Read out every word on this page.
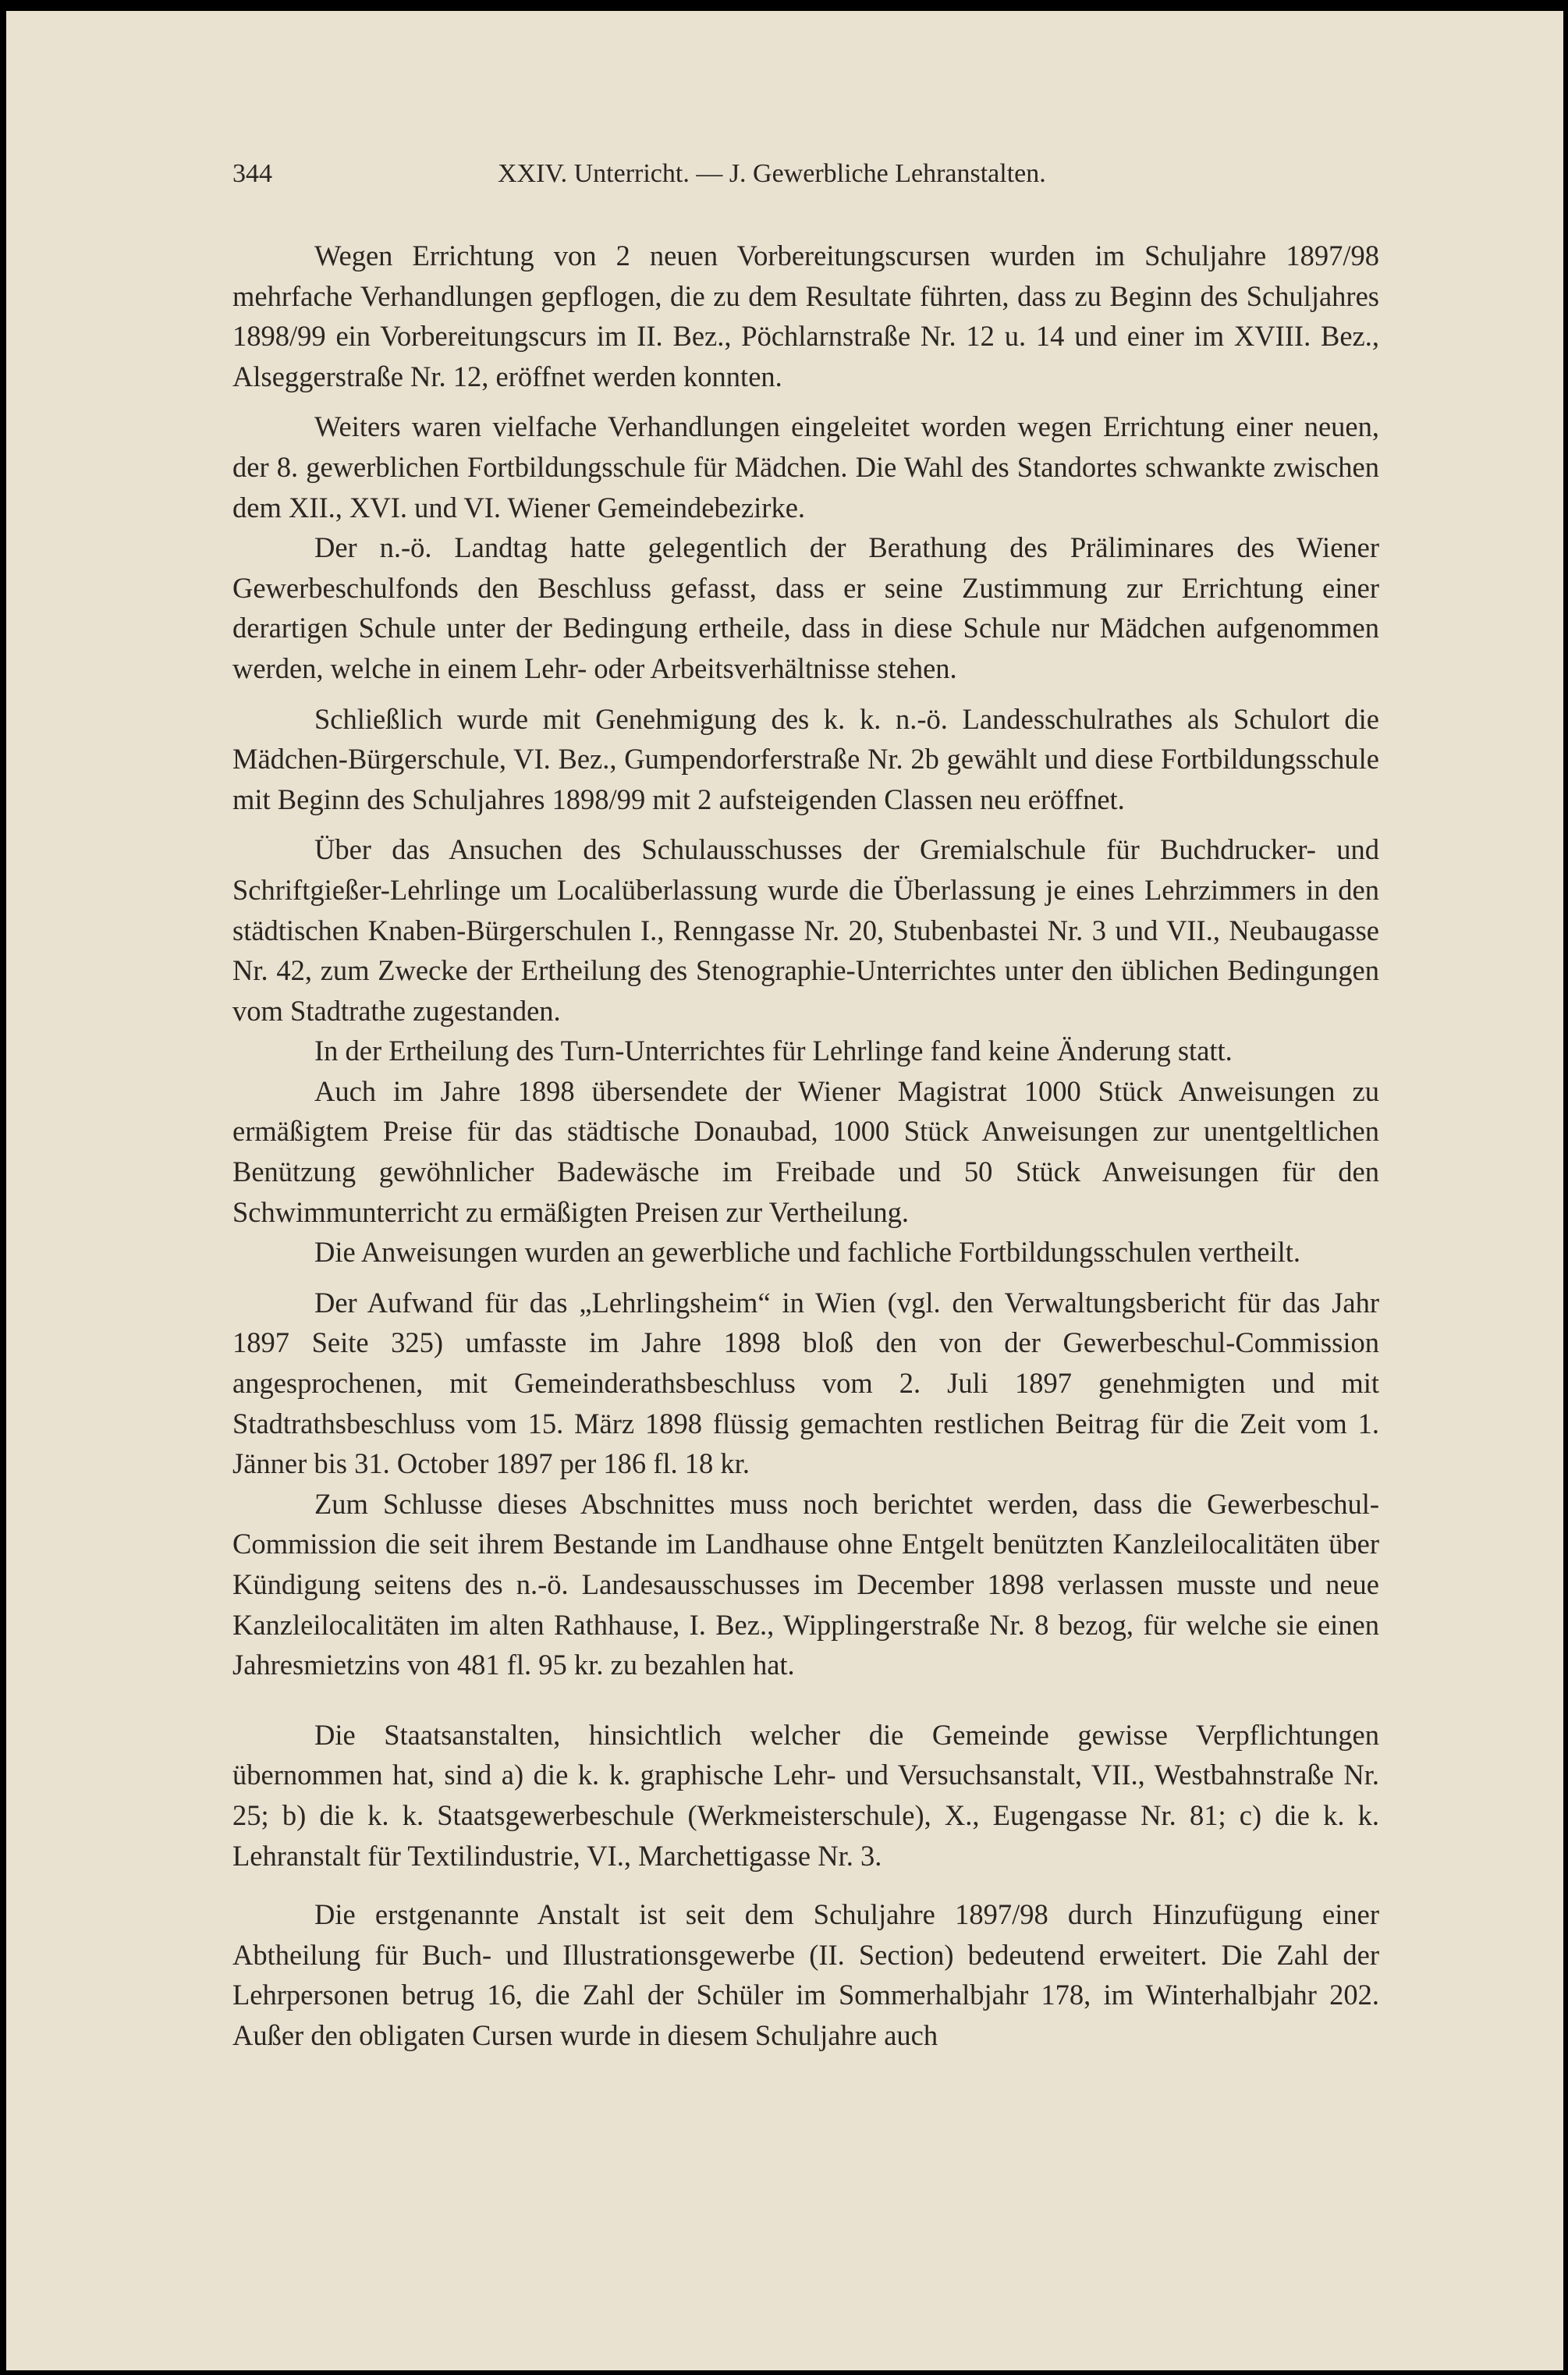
344	XXIV. Unterricht. — J. Gewerbliche Lehranstalten.

Wegen Errichtung von 2 neuen Vorbereitungscursen wurden im Schuljahre 1897/98 mehrfache Verhandlungen gepflogen, die zu dem Resultate führten, dass zu Beginn des Schuljahres 1898/99 ein Vorbereitungscurs im II. Bez., Pöchlarnstraße Nr. 12 u. 14 und einer im XVIII. Bez., Alseggerstraße Nr. 12, eröffnet werden konnten.

Weiters waren vielfache Verhandlungen eingeleitet worden wegen Errichtung einer neuen, der 8. gewerblichen Fortbildungsschule für Mädchen. Die Wahl des Standortes schwankte zwischen dem XII., XVI. und VI. Wiener Gemeindebezirke.

Der n.-ö. Landtag hatte gelegentlich der Berathung des Präliminares des Wiener Gewerbeschulfonds den Beschluss gefasst, dass er seine Zustimmung zur Errichtung einer derartigen Schule unter der Bedingung ertheile, dass in diese Schule nur Mädchen aufgenommen werden, welche in einem Lehr- oder Arbeitsverhältnisse stehen.

Schließlich wurde mit Genehmigung des k. k. n.-ö. Landesschulrathes als Schulort die Mädchen-Bürgerschule, VI. Bez., Gumpendorferstraße Nr. 2b gewählt und diese Fortbildungsschule mit Beginn des Schuljahres 1898/99 mit 2 aufsteigenden Classen neu eröffnet.

Über das Ansuchen des Schulausschusses der Gremialschule für Buchdrucker- und Schriftgießer-Lehrlinge um Localüberlassung wurde die Überlassung je eines Lehrzimmers in den städtischen Knaben-Bürgerschulen I., Renngasse Nr. 20, Stubenbastei Nr. 3 und VII., Neubaugasse Nr. 42, zum Zwecke der Ertheilung des Stenographie-Unterrichtes unter den üblichen Bedingungen vom Stadtrathe zugestanden.

In der Ertheilung des Turn-Unterrichtes für Lehrlinge fand keine Änderung statt.

Auch im Jahre 1898 übersendete der Wiener Magistrat 1000 Stück Anweisungen zu ermäßigtem Preise für das städtische Donaubad, 1000 Stück Anweisungen zur unentgeltlichen Benützung gewöhnlicher Badewäsche im Freibade und 50 Stück Anweisungen für den Schwimmunterricht zu ermäßigten Preisen zur Vertheilung.

Die Anweisungen wurden an gewerbliche und fachliche Fortbildungsschulen vertheilt.

Der Aufwand für das „Lehrlingsheim“ in Wien (vgl. den Verwaltungsbericht für das Jahr 1897 Seite 325) umfasste im Jahre 1898 bloß den von der Gewerbeschul-Commission angesprochenen, mit Gemeinderathsbeschluss vom 2. Juli 1897 genehmigten und mit Stadtrathsbeschluss vom 15. März 1898 flüssig gemachten restlichen Beitrag für die Zeit vom 1. Jänner bis 31. October 1897 per 186 fl. 18 kr.

Zum Schlusse dieses Abschnittes muss noch berichtet werden, dass die Gewerbeschul-Commission die seit ihrem Bestande im Landhause ohne Entgelt benützten Kanzleilocalitäten über Kündigung seitens des n.-ö. Landesausschusses im December 1898 verlassen musste und neue Kanzleilocalitäten im alten Rathhause, I. Bez., Wipplingerstraße Nr. 8 bezog, für welche sie einen Jahresmietzins von 481 fl. 95 kr. zu bezahlen hat.

Die Staatsanstalten, hinsichtlich welcher die Gemeinde gewisse Verpflichtungen übernommen hat, sind a) die k. k. graphische Lehr- und Versuchsanstalt, VII., Westbahnstraße Nr. 25; b) die k. k. Staatsgewerbeschule (Werkmeisterschule), X., Eugengasse Nr. 81; c) die k. k. Lehranstalt für Textilindustrie, VI., Marchettigasse Nr. 3.

Die erstgenannte Anstalt ist seit dem Schuljahre 1897/98 durch Hinzufügung einer Abtheilung für Buch- und Illustrationsgewerbe (II. Section) bedeutend erweitert. Die Zahl der Lehrpersonen betrug 16, die Zahl der Schüler im Sommerhalbjahr 178, im Winterhalbjahr 202. Außer den obligaten Cursen wurde in diesem Schuljahre auch
